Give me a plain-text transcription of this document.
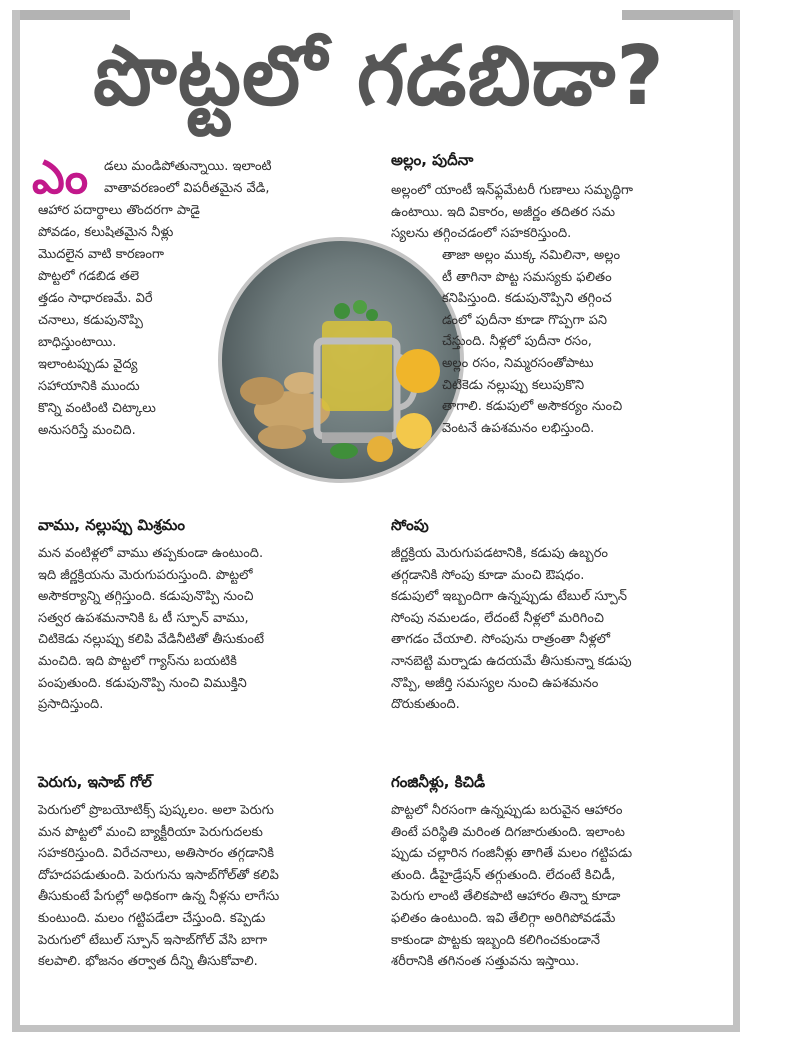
పొట్టలో గడబిడా?
ఎం డలు మండిపోతున్నాయి. ఇలాంటి
వాతావరణంలో విపరీతమైన వేడి,
ఆహార పదార్థాలు తొందరగా పాడై
పోవడం, కలుషితమైన నీళ్లు
మొదలైన వాటి కారణంగా
పొట్టలో గడబిడ తలె
త్తడం సాధారణమే. విరే
చనాలు, కడుపునొప్పి
బాధిస్తుంటాయి.
ఇలాంటప్పుడు వైద్య
సహాయానికి ముందు
కొన్ని వంటింటి చిట్కాలు
అనుసరిస్తే మంచిది.
అల్లం, పుదీనా
అల్లంలో యాంటీ ఇన్‌ఫ్లమేటరీ గుణాలు సమృద్ధిగా
ఉంటాయి. ఇది వికారం, అజీర్ణం తదితర సమ
స్యలను తగ్గించడంలో సహకరిస్తుంది.
తాజా అల్లం ముక్క నమిలినా, అల్లం
టీ తాగినా పొట్ట సమస్యకు ఫలితం
కనిపిస్తుంది. కడుపునొప్పిని తగ్గించ
డంలో పుదీనా కూడా గొప్పగా పని
చేస్తుంది. నీళ్లలో పుదీనా రసం,
అల్లం రసం, నిమ్మరసంతోపాటు
చిటికెడు నల్లుప్పు కలుపుకొని
తాగాలి. కడుపులో అసౌకర్యం నుంచి
వెంటనే ఉపశమనం లభిస్తుంది.
వాము, నల్లుప్పు మిశ్రమం
మన వంటిళ్లలో వాము తప్పకుండా ఉంటుంది.
ఇది జీర్ణక్రియను మెరుగుపరుస్తుంది. పొట్టలో
అసౌకర్యాన్ని తగ్గిస్తుంది. కడుపునొప్పి నుంచి
సత్వర ఉపశమనానికి ఓ టీ స్పూన్ వాము,
చిటికెడు నల్లుప్పు కలిపి వేడినీటితో తీసుకుంటే
మంచిది. ఇది పొట్టలో గ్యాస్‌ను బయటికి
పంపుతుంది. కడుపునొప్పి నుంచి విముక్తిని
ప్రసాదిస్తుంది.
సోంపు
జీర్ణక్రియ మెరుగుపడటానికి, కడుపు ఉబ్బరం
తగ్గడానికి సోంపు కూడా మంచి ఔషధం.
కడుపులో ఇబ్బందిగా ఉన్నప్పుడు టేబుల్ స్పూన్
సోంపు నమలడం, లేదంటే నీళ్లలో మరిగించి
తాగడం చేయాలి. సోంపును రాత్రంతా నీళ్లలో
నానబెట్టి మర్నాడు ఉదయమే తీసుకున్నా కడుపు
నొప్పి, అజీర్తి సమస్యల నుంచి ఉపశమనం
దొరుకుతుంది.
పెరుగు, ఇసాబ్ గోల్
పెరుగులో ప్రొబయోటిక్స్ పుష్కలం. అలా పెరుగు
మన పొట్టలో మంచి బ్యాక్టీరియా పెరుగుదలకు
సహకరిస్తుంది. విరేచనాలు, అతిసారం తగ్గడానికి
దోహదపడుతుంది. పెరుగును ఇసాబ్‌గోల్‌తో కలిపి
తీసుకుంటే పేగుల్లో అధికంగా ఉన్న నీళ్లను లాగేసు
కుంటుంది. మలం గట్టిపడేలా చేస్తుంది. కప్పెడు
పెరుగులో టేబుల్ స్పూన్ ఇసాబ్‌గోల్ వేసి బాగా
కలపాలి. భోజనం తర్వాత దీన్ని తీసుకోవాలి.
గంజినీళ్లు, కిచిడీ
పొట్టలో నీరసంగా ఉన్నప్పుడు బరువైన ఆహారం
తింటే పరిస్థితి మరింత దిగజారుతుంది. ఇలాంట
ప్పుడు చల్లారిన గంజినీళ్లు తాగితే మలం గట్టిపడు
తుంది. డీహైడ్రేషన్ తగ్గుతుంది. లేదంటే కిచిడీ,
పెరుగు లాంటి తేలికపాటి ఆహారం తిన్నా కూడా
ఫలితం ఉంటుంది. ఇవి తేలిగ్గా అరిగిపోవడమే
కాకుండా పొట్టకు ఇబ్బంది కలిగించకుండానే
శరీరానికి తగినంత సత్తువను ఇస్తాయి.
